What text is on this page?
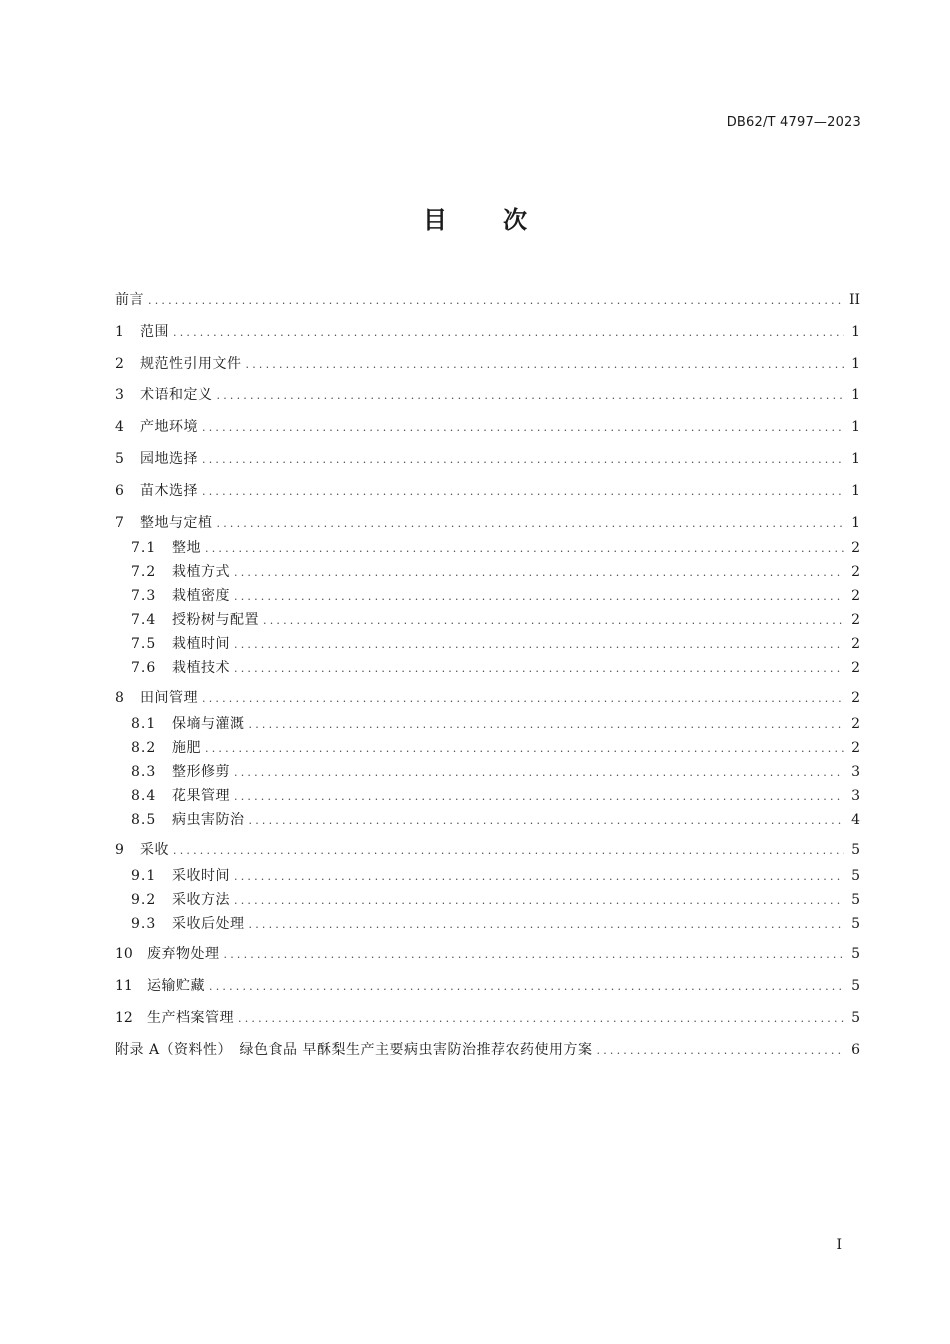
DB62/T 4797—2023
目 次
前言 .....	II
1	范围 .....	1
2	规范性引用文件 .....	1
3	术语和定义 .....	1
4	产地环境 .....	1
5	园地选择 .....	1
6	苗木选择 .....	1
7	整地与定植 .....	1
7.1	整地 .....	2
7.2	栽植方式 .....	2
7.3	栽植密度 .....	2
7.4	授粉树与配置 .....	2
7.5	栽植时间 .....	2
7.6	栽植技术 .....	2
8	田间管理 .....	2
8.1	保墒与灌溉 .....	2
8.2	施肥 .....	2
8.3	整形修剪 .....	3
8.4	花果管理 .....	3
8.5	病虫害防治 .....	4
9	采收 .....	5
9.1	采收时间 .....	5
9.2	采收方法 .....	5
9.3	采收后处理 .....	5
10	废弃物处理 .....	5
11	运输贮藏 .....	5
12	生产档案管理 .....	5
附录 A（资料性）　绿色食品 早酥梨生产主要病虫害防治推荐农药使用方案 .....	6
I
